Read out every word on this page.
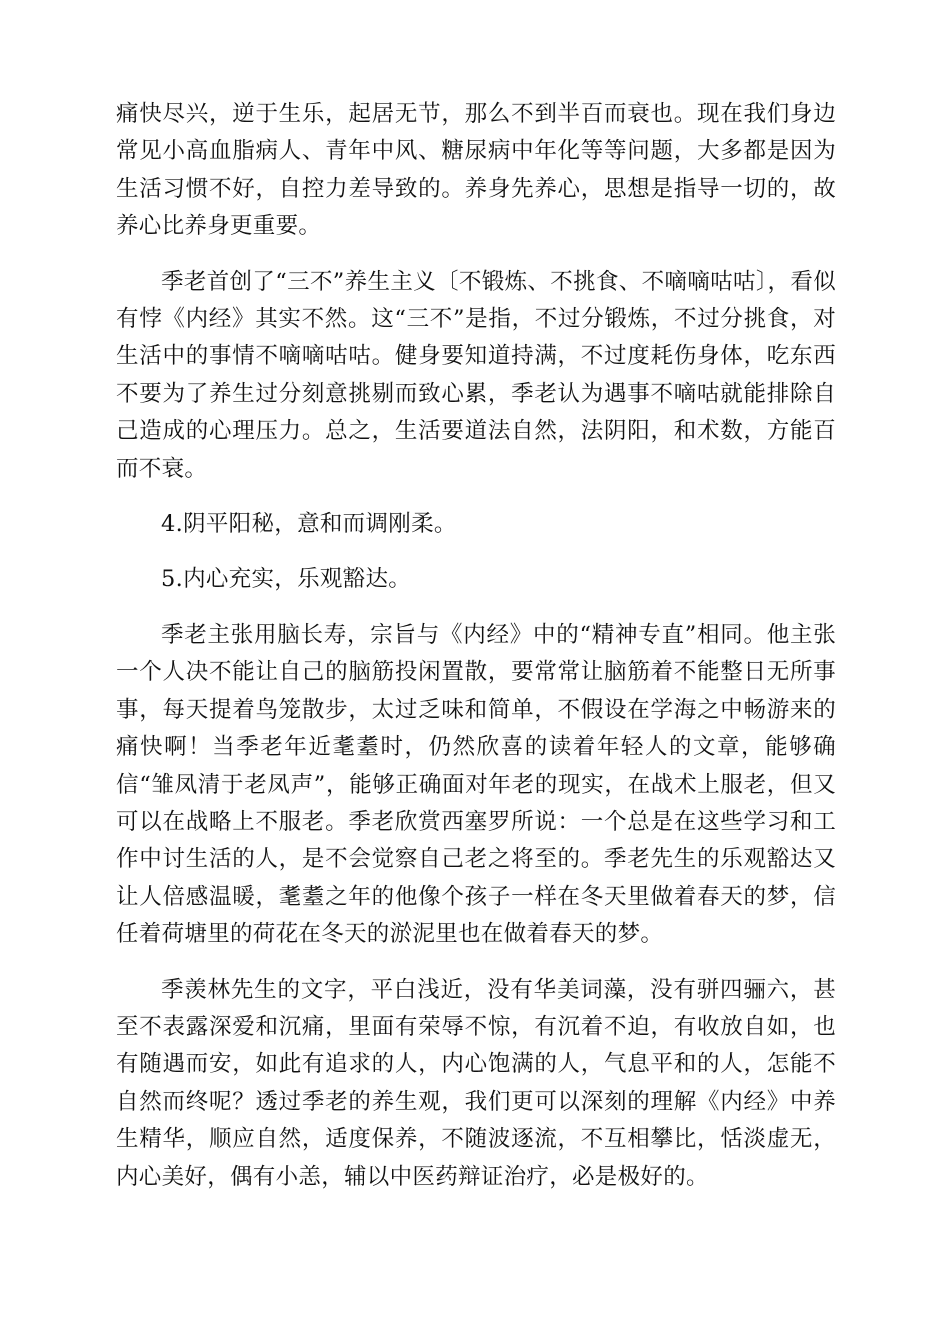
痛快尽兴，逆于生乐，起居无节，那么不到半百而衰也。现在我们身边常见小高血脂病人、青年中风、糖尿病中年化等等问题，大多都是因为生活习惯不好，自控力差导致的。养身先养心，思想是指导一切的，故养心比养身更重要。

季老首创了“三不”养生主义〔不锻炼、不挑食、不嘀嘀咕咕〕，看似有悖《内经》其实不然。这“三不”是指，不过分锻炼，不过分挑食，对生活中的事情不嘀嘀咕咕。健身要知道持满，不过度耗伤身体，吃东西不要为了养生过分刻意挑剔而致心累，季老认为遇事不嘀咕就能排除自己造成的心理压力。总之，生活要道法自然，法阴阳，和术数，方能百而不衰。

4.阴平阳秘，意和而调刚柔。

5.内心充实，乐观豁达。

季老主张用脑长寿，宗旨与《内经》中的“精神专直”相同。他主张一个人决不能让自己的脑筋投闲置散，要常常让脑筋着不能整日无所事事，每天提着鸟笼散步，太过乏味和简单，不假设在学海之中畅游来的痛快啊！当季老年近耄耋时，仍然欣喜的读着年轻人的文章，能够确信“雏凤清于老凤声”，能够正确面对年老的现实，在战术上服老，但又可以在战略上不服老。季老欣赏西塞罗所说：一个总是在这些学习和工作中讨生活的人，是不会觉察自己老之将至的。季老先生的乐观豁达又让人倍感温暖，耄耋之年的他像个孩子一样在冬天里做着春天的梦，信任着荷塘里的荷花在冬天的淤泥里也在做着春天的梦。

季羡林先生的文字，平白浅近，没有华美词藻，没有骈四骊六，甚至不表露深爱和沉痛，里面有荣辱不惊，有沉着不迫，有收放自如，也有随遇而安，如此有追求的人，内心饱满的人，气息平和的人，怎能不自然而终呢？透过季老的养生观，我们更可以深刻的理解《内经》中养生精华，顺应自然，适度保养，不随波逐流，不互相攀比，恬淡虚无，内心美好，偶有小恙，辅以中医药辩证治疗，必是极好的。
